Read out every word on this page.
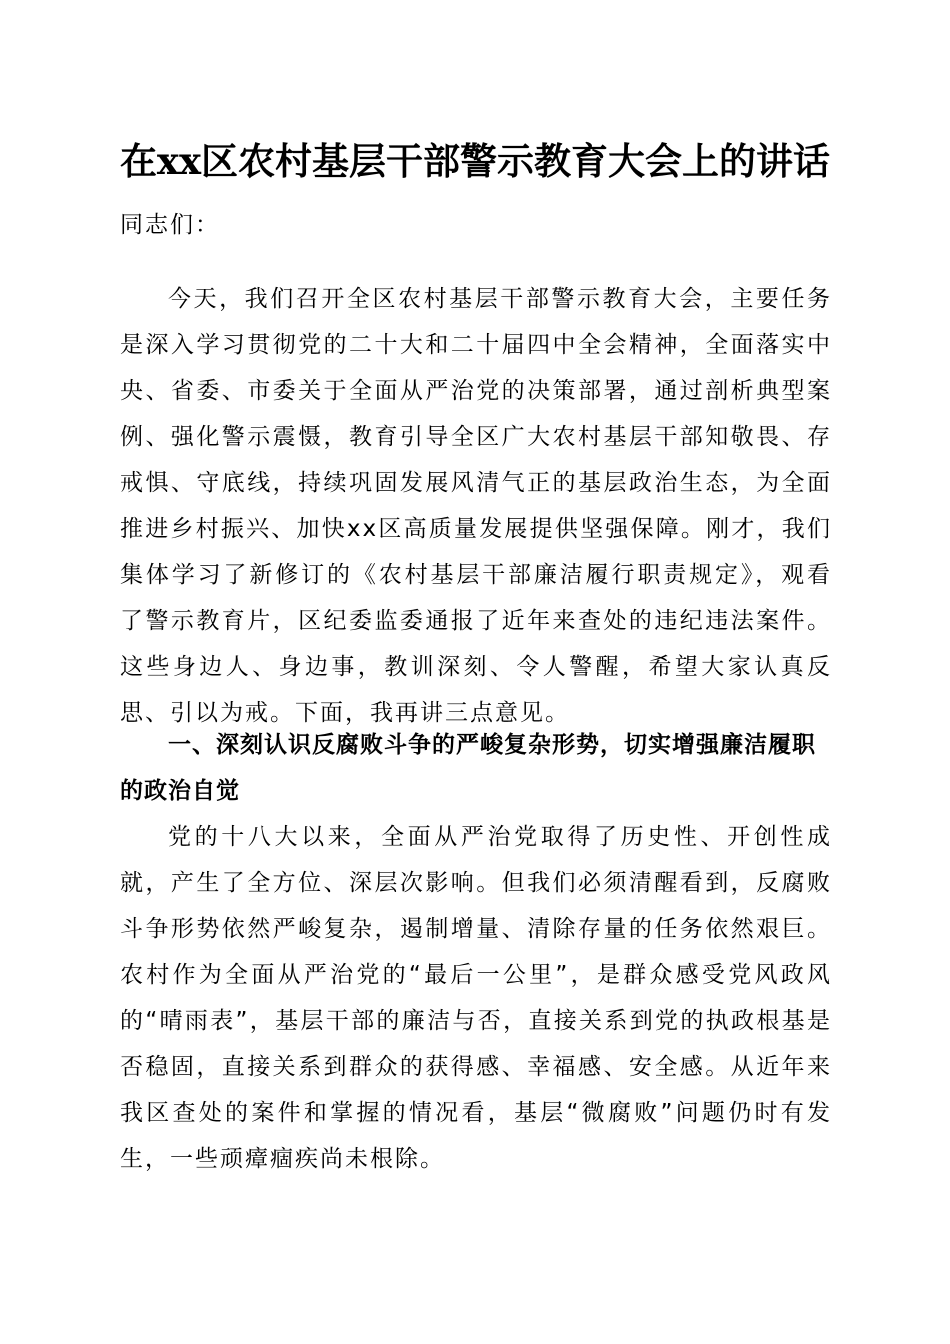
在xx区农村基层干部警示教育大会上的讲话
同志们：
今天，我们召开全区农村基层干部警示教育大会，主要任务是深入学习贯彻党的二十大和二十届四中全会精神，全面落实中央、省委、市委关于全面从严治党的决策部署，通过剖析典型案例、强化警示震慑，教育引导全区广大农村基层干部知敬畏、存戒惧、守底线，持续巩固发展风清气正的基层政治生态，为全面推进乡村振兴、加快xx区高质量发展提供坚强保障。刚才，我们集体学习了新修订的《农村基层干部廉洁履行职责规定》，观看了警示教育片，区纪委监委通报了近年来查处的违纪违法案件。这些身边人、身边事，教训深刻、令人警醒，希望大家认真反思、引以为戒。下面，我再讲三点意见。
一、深刻认识反腐败斗争的严峻复杂形势，切实增强廉洁履职的政治自觉
党的十八大以来，全面从严治党取得了历史性、开创性成就，产生了全方位、深层次影响。但我们必须清醒看到，反腐败斗争形势依然严峻复杂，遏制增量、清除存量的任务依然艰巨。农村作为全面从严治党的“最后一公里”，是群众感受党风政风的“晴雨表”，基层干部的廉洁与否，直接关系到党的执政根基是否稳固，直接关系到群众的获得感、幸福感、安全感。从近年来我区查处的案件和掌握的情况看，基层“微腐败”问题仍时有发生，一些顽瘴痼疾尚未根除。
